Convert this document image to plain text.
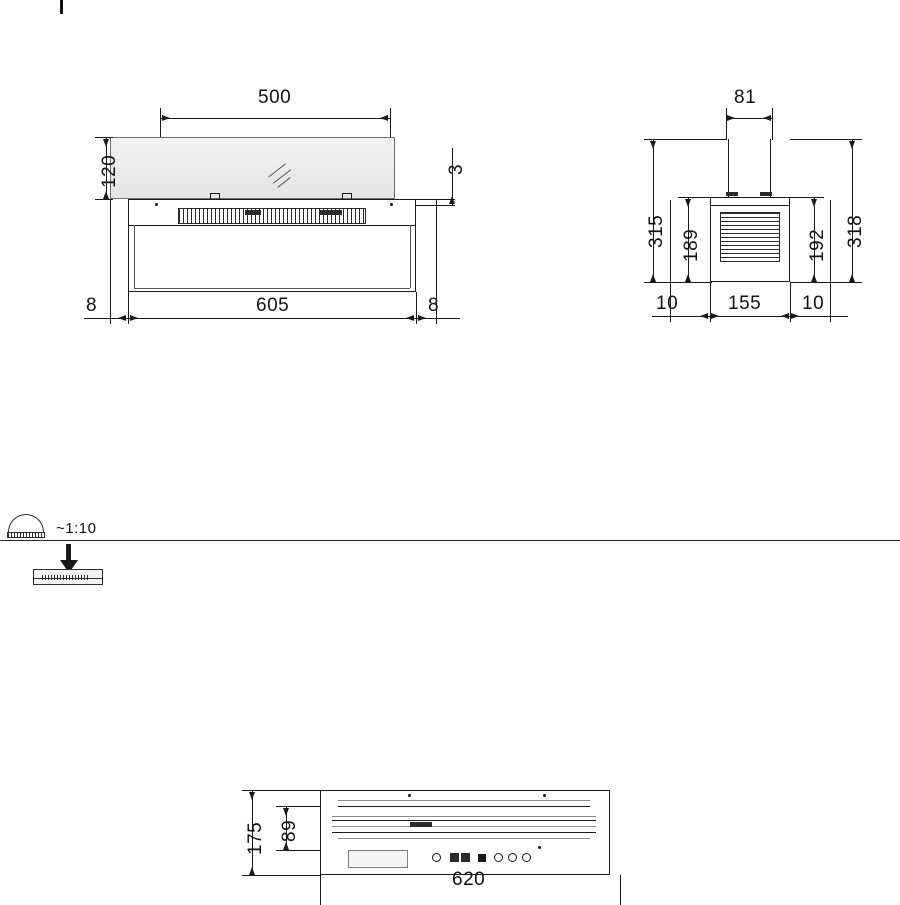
500
120	3
605
8	8
81
315 189	192 318
10	155 10
~1:10
175 89
620
